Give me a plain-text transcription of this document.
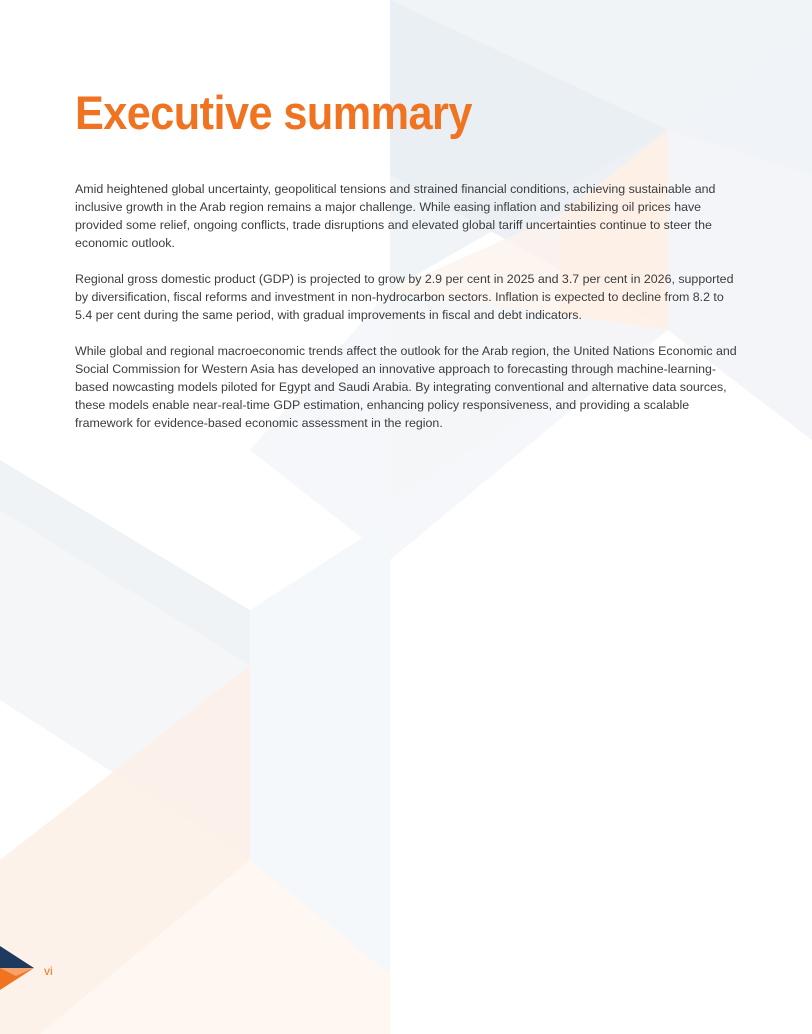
Executive summary

Amid heightened global uncertainty, geopolitical tensions and strained financial conditions, achieving sustainable and inclusive growth in the Arab region remains a major challenge. While easing inflation and stabilizing oil prices have provided some relief, ongoing conflicts, trade disruptions and elevated global tariff uncertainties continue to steer the economic outlook.

Regional gross domestic product (GDP) is projected to grow by 2.9 per cent in 2025 and 3.7 per cent in 2026, supported by diversification, fiscal reforms and investment in non-hydrocarbon sectors. Inflation is expected to decline from 8.2 to 5.4 per cent during the same period, with gradual improvements in fiscal and debt indicators.

While global and regional macroeconomic trends affect the outlook for the Arab region, the United Nations Economic and Social Commission for Western Asia has developed an innovative approach to forecasting through machine-learning-based nowcasting models piloted for Egypt and Saudi Arabia. By integrating conventional and alternative data sources, these models enable near-real-time GDP estimation, enhancing policy responsiveness, and providing a scalable framework for evidence-based economic assessment in the region.

vi
